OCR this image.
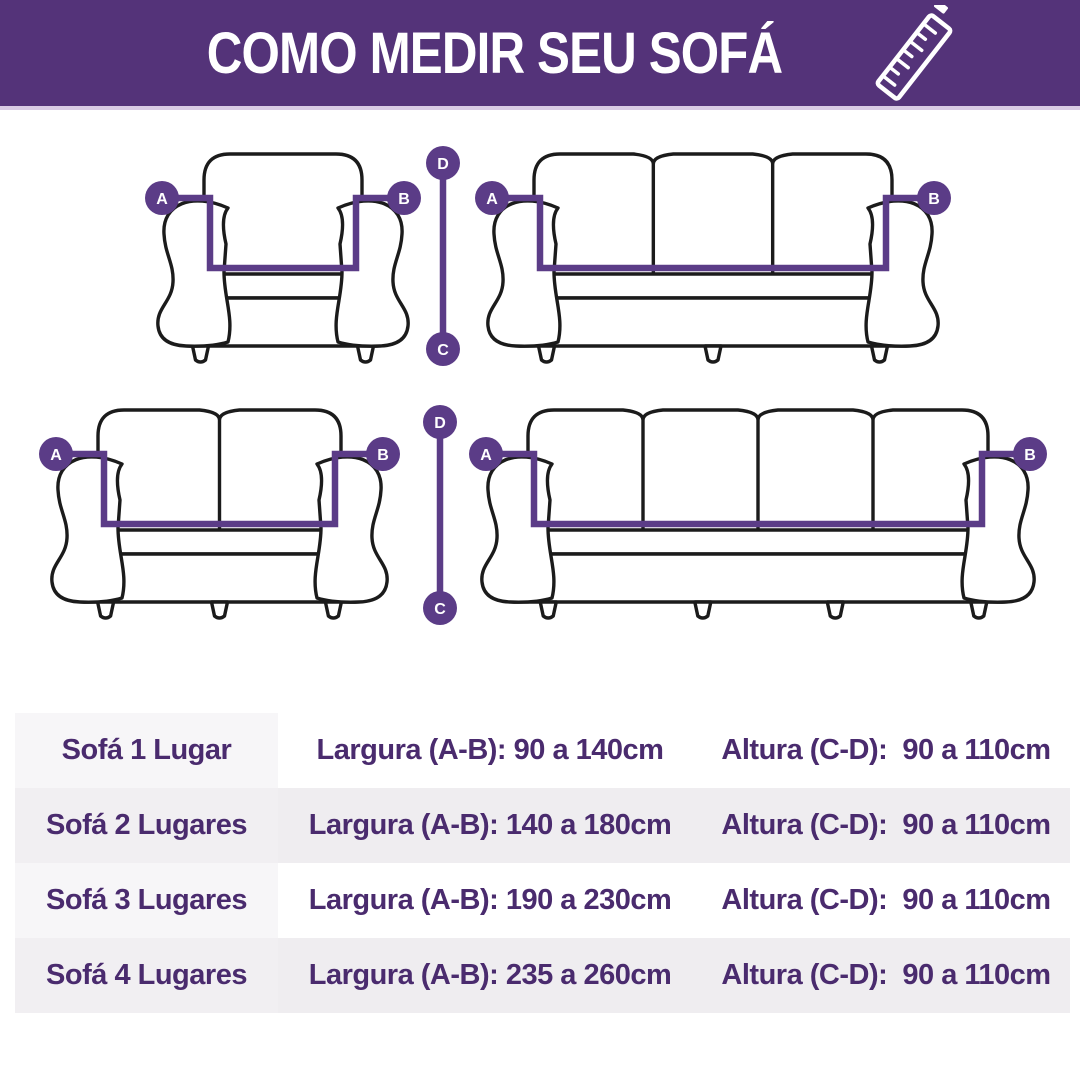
COMO MEDIR SEU SOFÁ
A	B	A	B
A	B	A	B
D
C
D
C
Sofá 1 Lugar	Largura (A-B): 90 a 140cm	Altura (C-D):  90 a 110cm
Sofá 2 Lugares	Largura (A-B): 140 a 180cm	Altura (C-D):  90 a 110cm
Sofá 3 Lugares	Largura (A-B): 190 a 230cm	Altura (C-D):  90 a 110cm
Sofá 4 Lugares	Largura (A-B): 235 a 260cm	Altura (C-D):  90 a 110cm
